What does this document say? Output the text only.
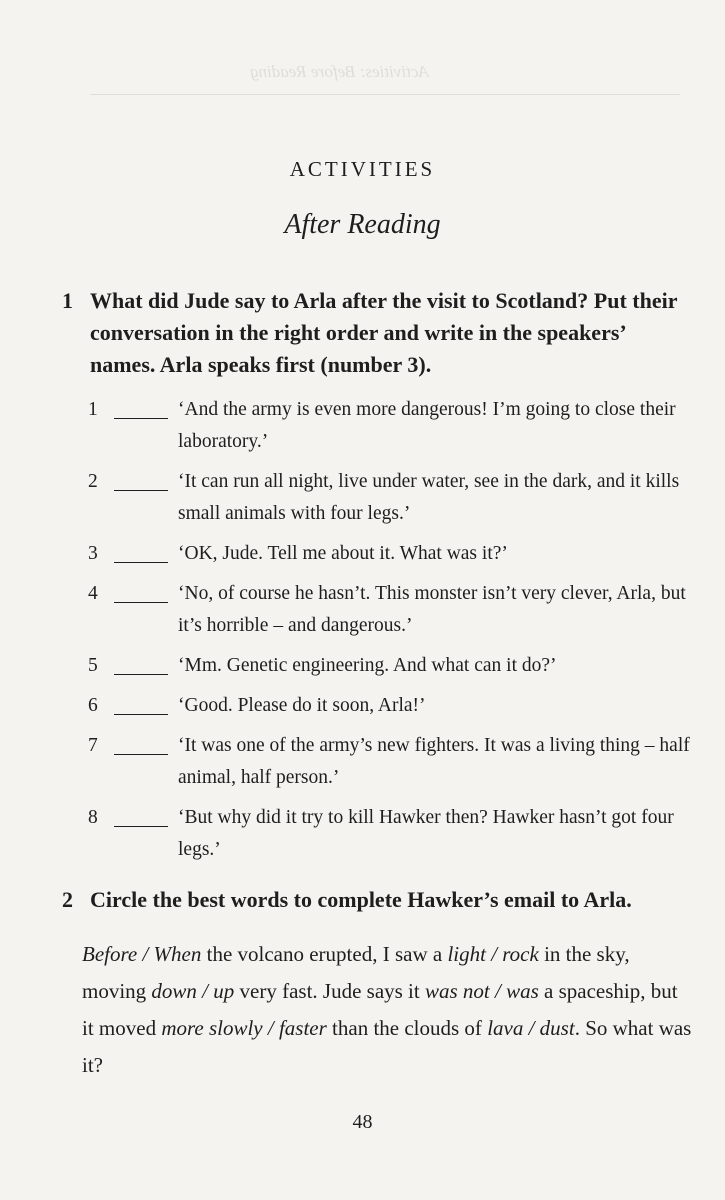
Activities: Before Reading
ACTIVITIES
After Reading
1 What did Jude say to Arla after the visit to Scotland? Put their conversation in the right order and write in the speakers’ names. Arla speaks first (number 3).
1	‘And the army is even more dangerous! I’m going to close their laboratory.’
2	‘It can run all night, live under water, see in the dark, and it kills small animals with four legs.’
3	‘OK, Jude. Tell me about it. What was it?’
4	‘No, of course he hasn’t. This monster isn’t very clever, Arla, but it’s horrible – and dangerous.’
5	‘Mm. Genetic engineering. And what can it do?’
6	‘Good. Please do it soon, Arla!’
7	‘It was one of the army’s new fighters. It was a living thing – half animal, half person.’
8	‘But why did it try to kill Hawker then? Hawker hasn’t got four legs.’
2 Circle the best words to complete Hawker’s email to Arla.
Before / When the volcano erupted, I saw a light / rock in the sky, moving down / up very fast. Jude says it was not / was a spaceship, but it moved more slowly / faster than the clouds of lava / dust. So what was it?
48
